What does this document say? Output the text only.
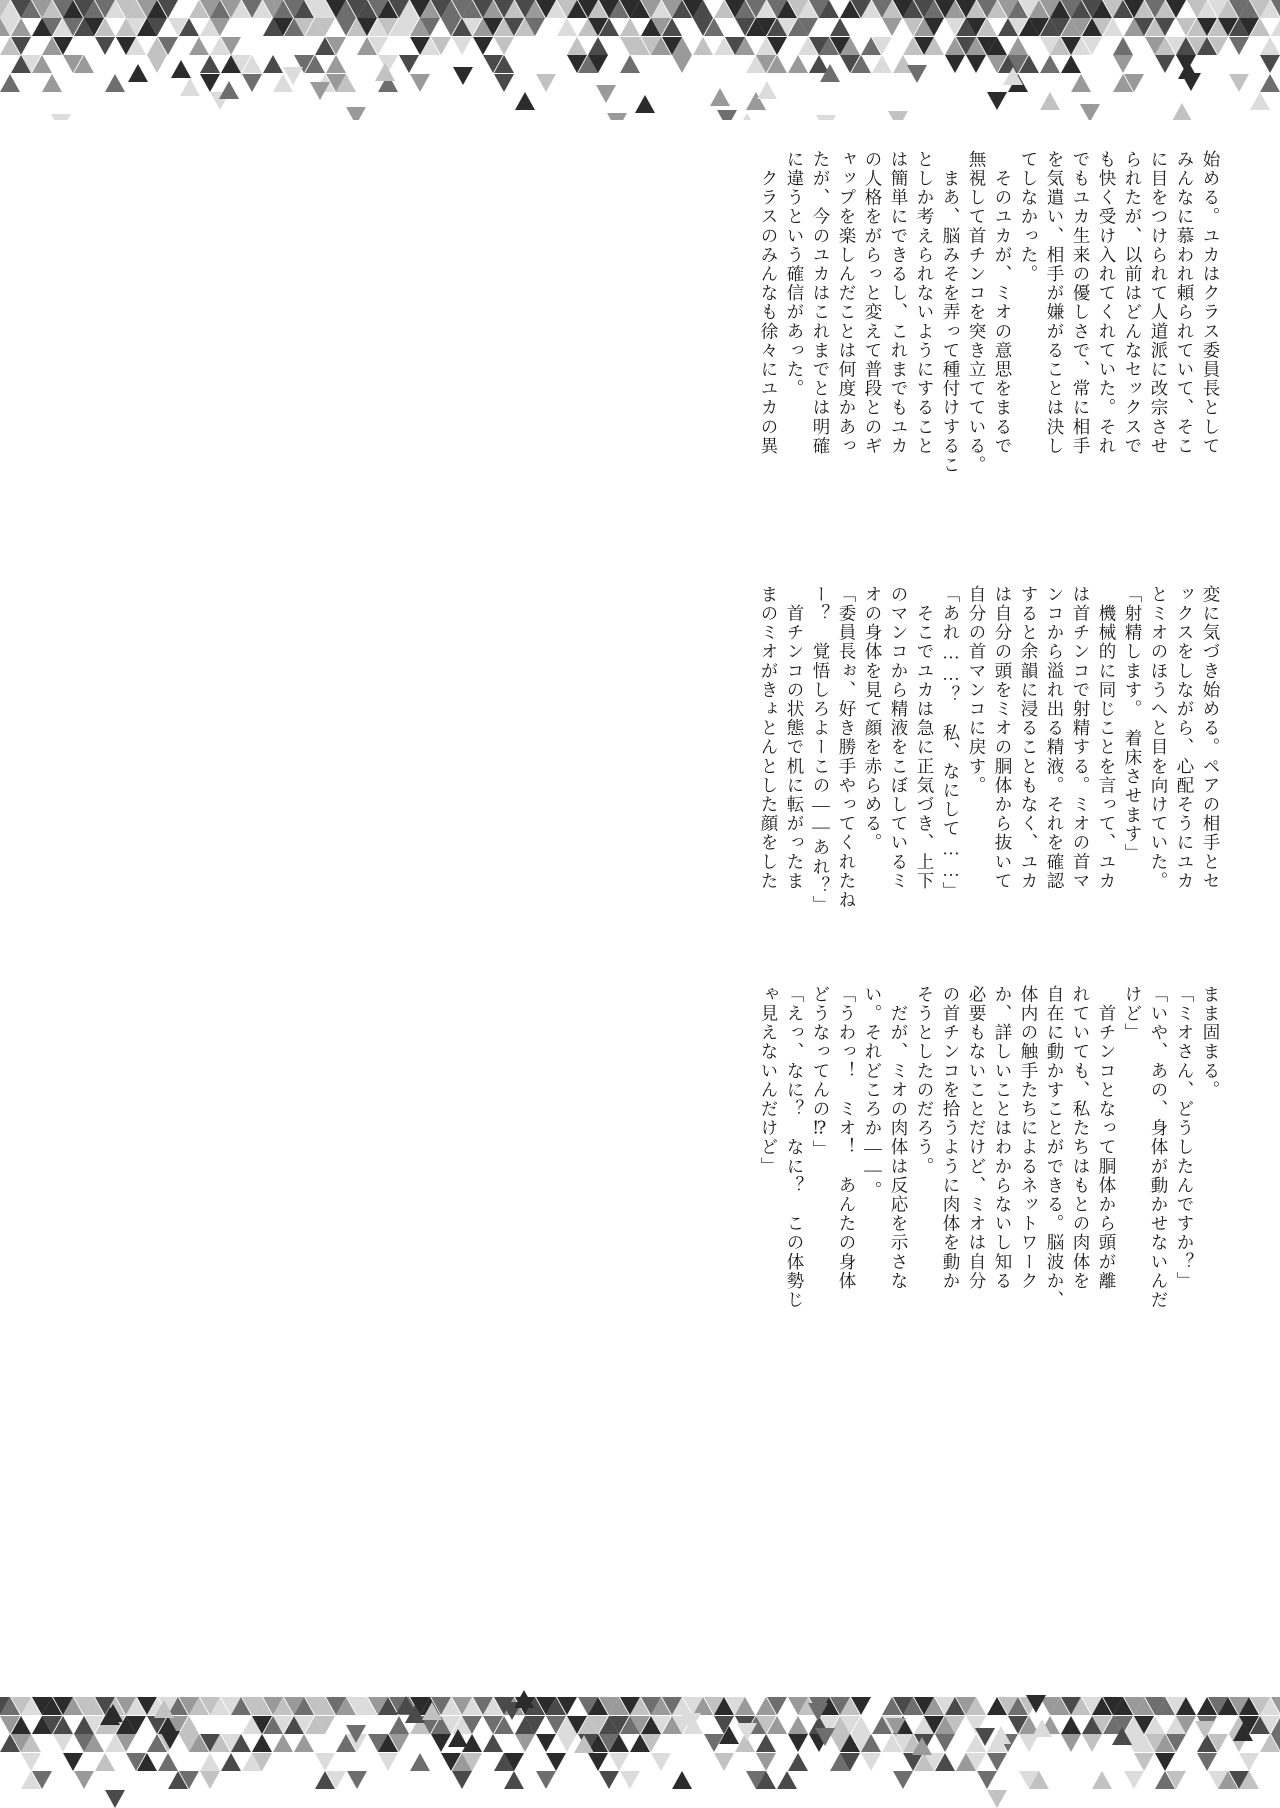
始める。ユカはクラス委員長として
みんなに慕われ頼られていて、そこ
に目をつけられて人道派に改宗させ
られたが、以前はどんなセックスで
も快く受け入れてくれていた。それ
でもユカ生来の優しさで、常に相手
を気遣い、相手が嫌がることは決し
てしなかった。
　そのユカが、ミオの意思をまるで
無視して首チンコを突き立てている。
　まあ、脳みそを弄って種付けするこ
としか考えられないようにすること
は簡単にできるし、これまでもユカ
の人格をがらっと変えて普段とのギ
ャップを楽しんだことは何度かあっ
たが、今のユカはこれまでとは明確
に違うという確信があった。
　クラスのみんなも徐々にユカの異
変に気づき始める。ペアの相手とセ
ックスをしながら、心配そうにユカ
とミオのほうへと目を向けていた。
「射精します。　着床させます」
　機械的に同じことを言って、ユカ
は首チンコで射精する。ミオの首マ
ンコから溢れ出る精液。それを確認
すると余韻に浸ることもなく、ユカ
は自分の頭をミオの胴体から抜いて
自分の首マンコに戻す。
「あれ……？　私、なにして……」
　そこでユカは急に正気づき、上下
のマンコから精液をこぼしているミ
オの身体を見て顔を赤らめる。
「委員長ぉ、好き勝手やってくれたね
ー？　覚悟しろよーこの――あれ？」
　首チンコの状態で机に転がったま
まのミオがきょとんとした顔をした
まま固まる。
「ミオさん、どうしたんですか？」
「いや、あの、身体が動かせないんだ
けど」
　首チンコとなって胴体から頭が離
れていても、私たちはもとの肉体を
自在に動かすことができる。脳波か、
体内の触手たちによるネットワーク
か、詳しいことはわからないし知る
必要もないことだけど、ミオは自分
の首チンコを拾うように肉体を動か
そうとしたのだろう。
　だが、ミオの肉体は反応を示さな
い。それどころか――。
「うわっ！　ミオ！　あんたの身体
どうなってんの⁉」
「えっ、なに？　なに？　この体勢じ
ゃ見えないんだけど」
